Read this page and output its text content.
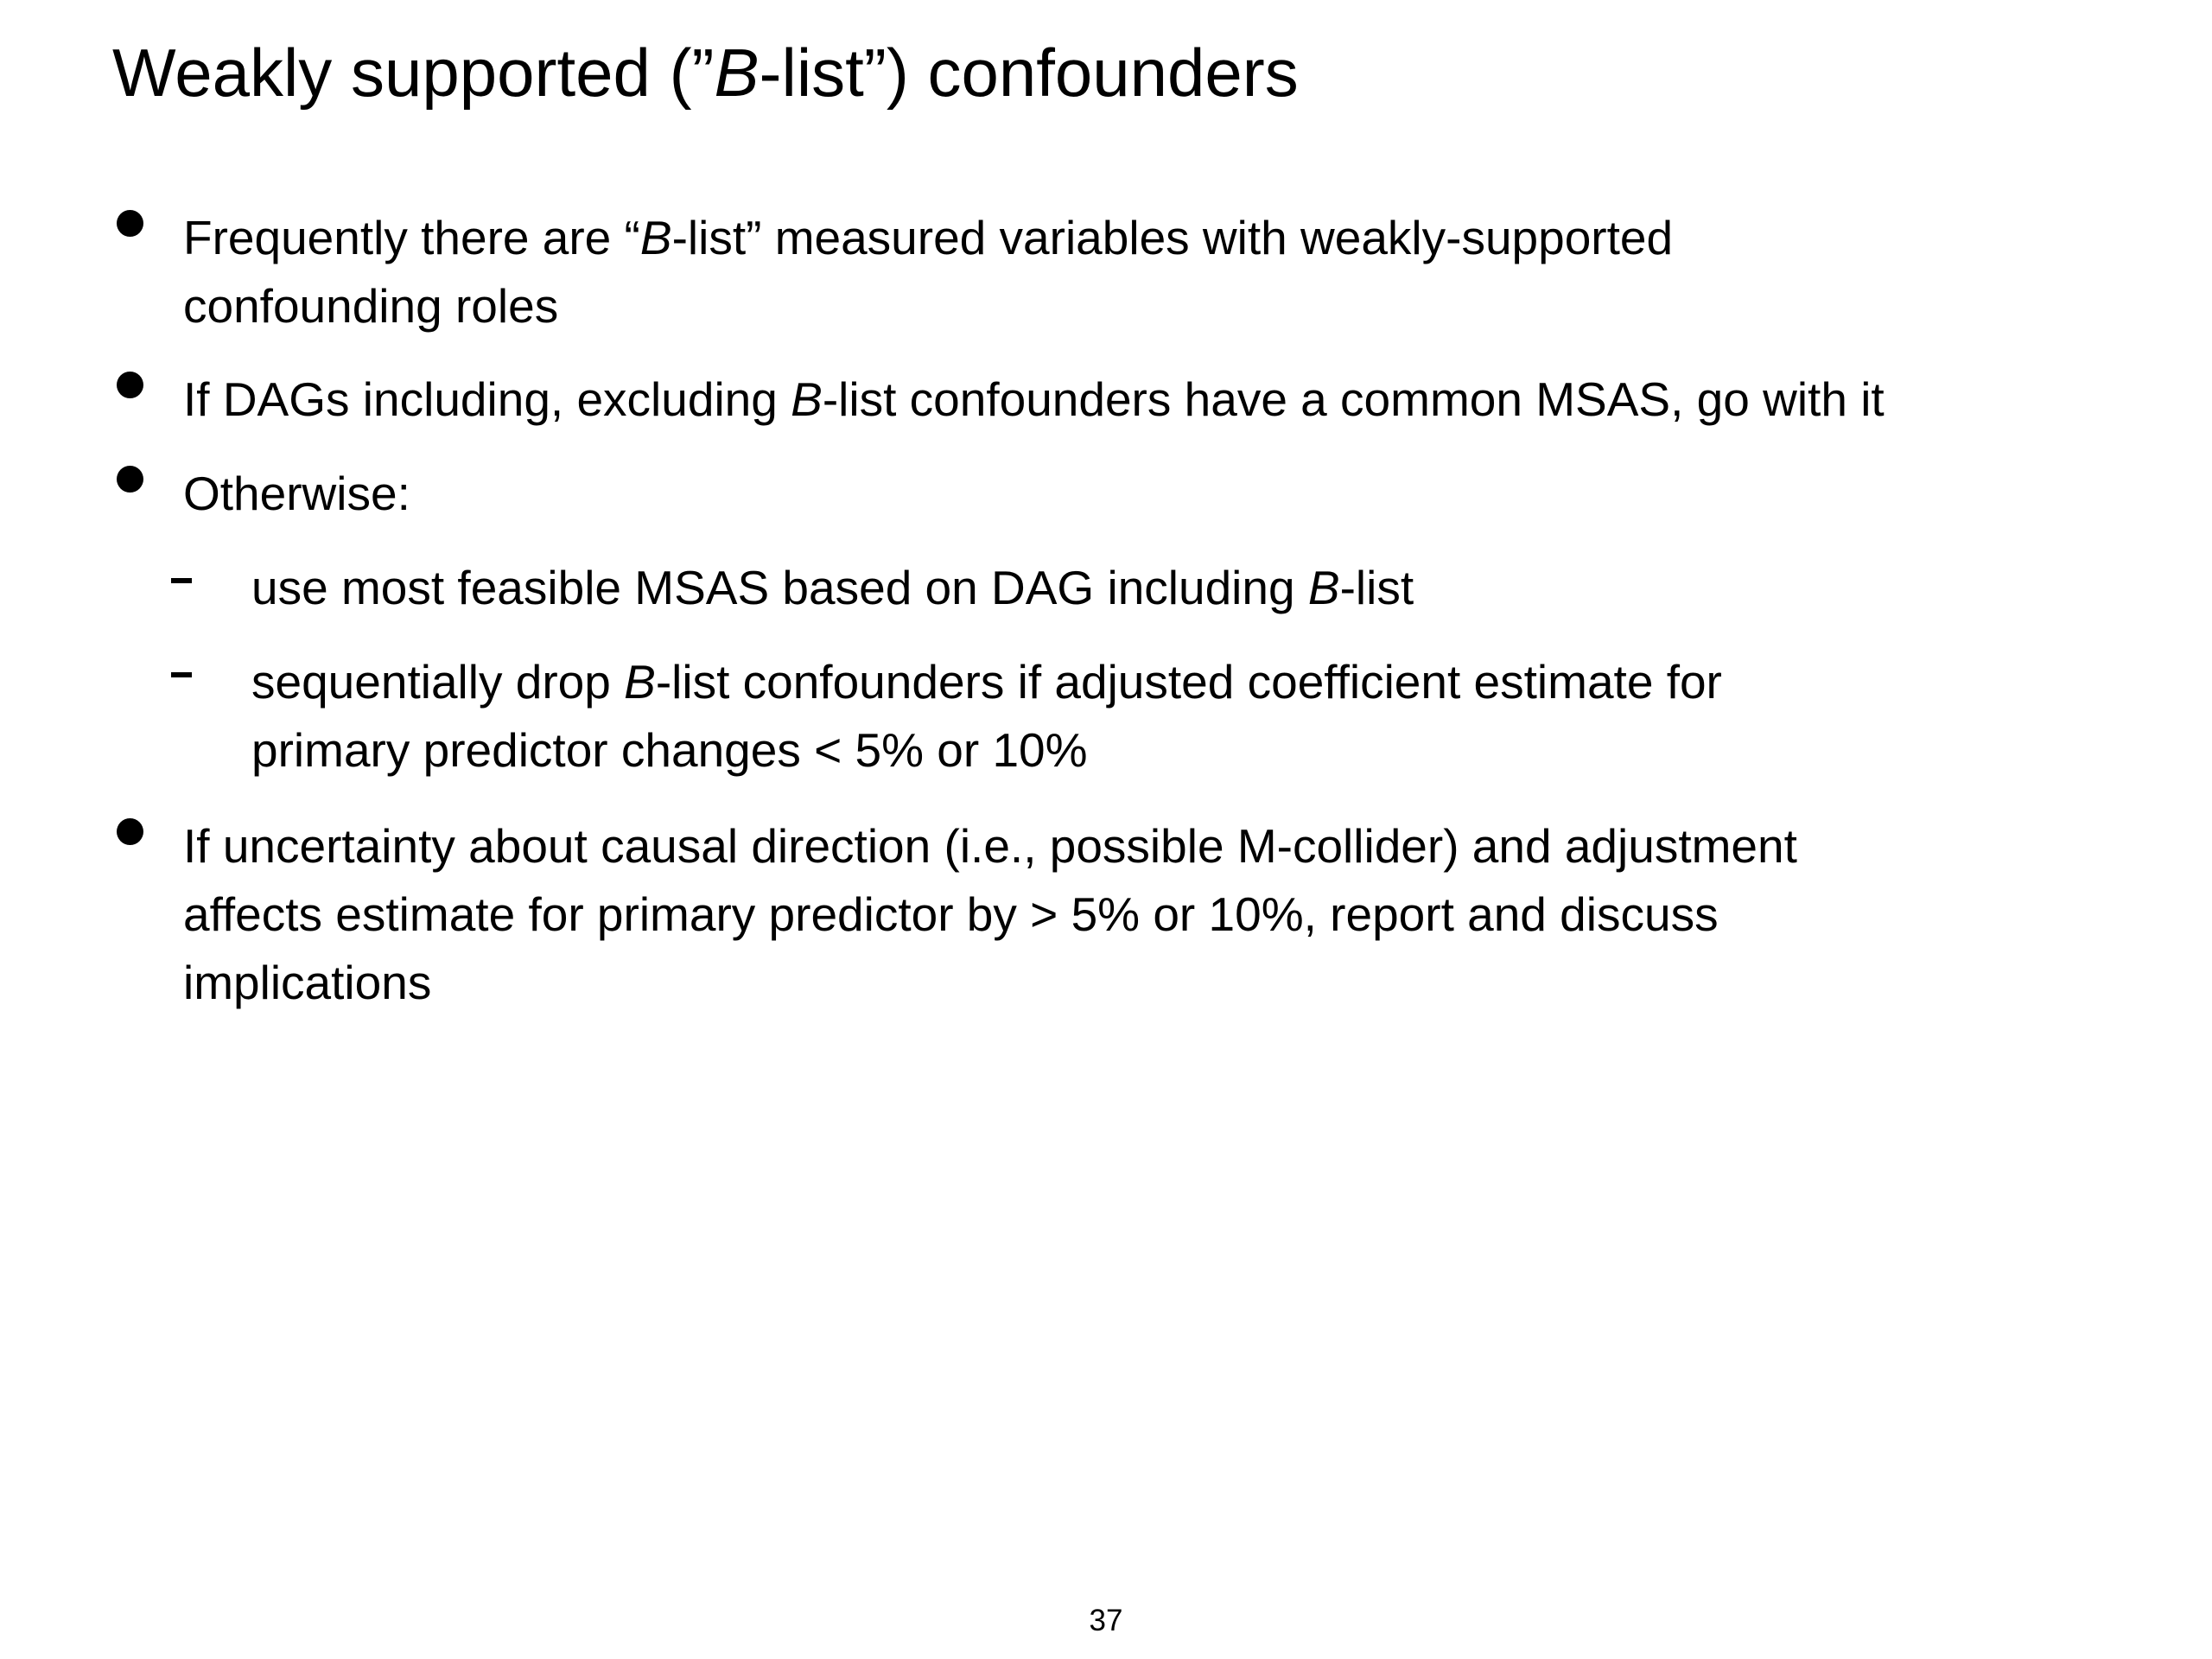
Weakly supported (”B-list”) confounders

Frequently there are “B-list” measured variables with weakly-supported

confounding roles

If DAGs including, excluding B-list confounders have a common MSAS, go with it

Otherwise:

use most feasible MSAS based on DAG including B-list

sequentially drop B-list confounders if adjusted coefficient estimate for

primary predictor changes < 5% or 10%

If uncertainty about causal direction (i.e., possible M-collider) and adjustment

affects estimate for primary predictor by > 5% or 10%, report and discuss

implications

37
